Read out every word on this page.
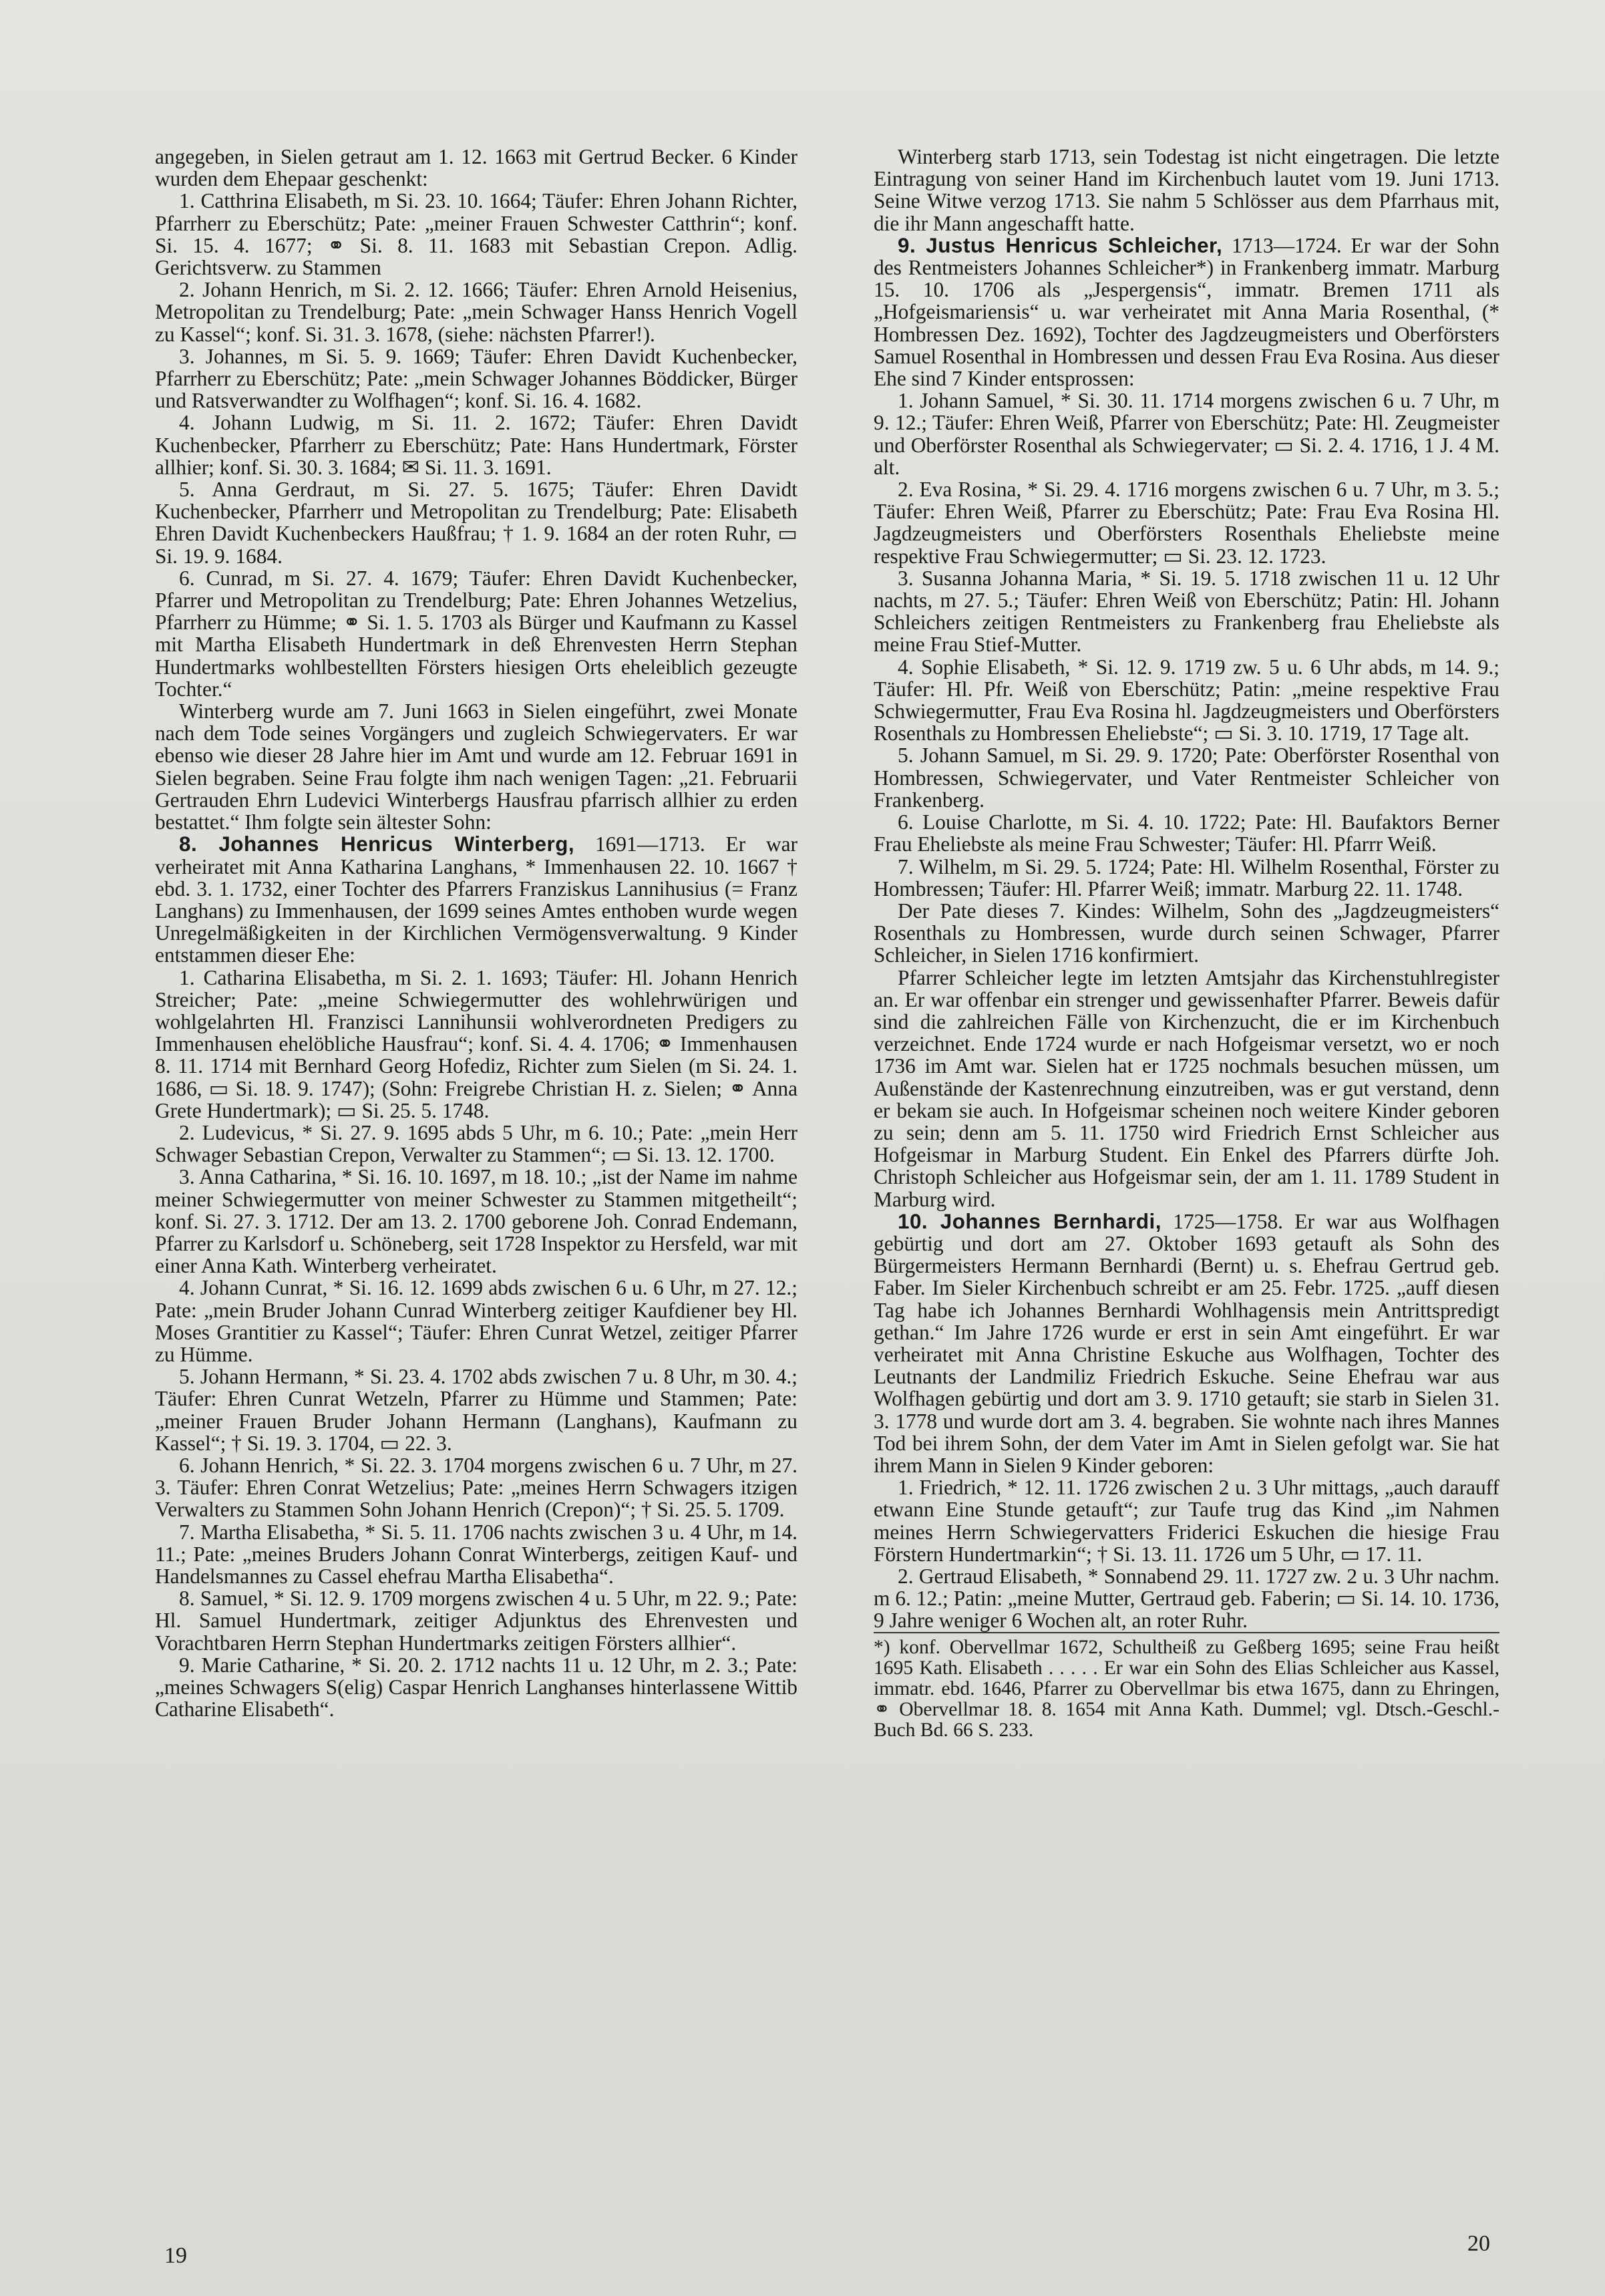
angegeben, in Sielen getraut am 1. 12. 1663 mit Gertrud Becker. 6 Kinder wurden dem Ehepaar geschenkt:

1. Catthrina Elisabeth, m Si. 23. 10. 1664; Täufer: Ehren Johann Richter, Pfarrherr zu Eberschütz; Pate: „meiner Frauen Schwester Catthrin“; konf. Si. 15. 4. 1677; ⚭ Si. 8. 11. 1683 mit Sebastian Crepon. Adlig. Gerichtsverw. zu Stammen

2. Johann Henrich, m Si. 2. 12. 1666; Täufer: Ehren Arnold Heisenius, Metropolitan zu Trendelburg; Pate: „mein Schwager Hanss Henrich Vogell zu Kassel“; konf. Si. 31. 3. 1678, (siehe: nächsten Pfarrer!).

3. Johannes, m Si. 5. 9. 1669; Täufer: Ehren Davidt Kuchenbecker, Pfarrherr zu Eberschütz; Pate: „mein Schwager Johannes Böddicker, Bürger und Ratsverwandter zu Wolfhagen“; konf. Si. 16. 4. 1682.

4. Johann Ludwig, m Si. 11. 2. 1672; Täufer: Ehren Davidt Kuchenbecker, Pfarrherr zu Eberschütz; Pate: Hans Hundertmark, Förster allhier; konf. Si. 30. 3. 1684; ✉ Si. 11. 3. 1691.

5. Anna Gerdraut, m Si. 27. 5. 1675; Täufer: Ehren Davidt Kuchenbecker, Pfarrherr und Metropolitan zu Trendelburg; Pate: Elisabeth Ehren Davidt Kuchenbeckers Haußfrau; † 1. 9. 1684 an der roten Ruhr, ▭ Si. 19. 9. 1684.

6. Cunrad, m Si. 27. 4. 1679; Täufer: Ehren Davidt Kuchenbecker, Pfarrer und Metropolitan zu Trendelburg; Pate: Ehren Johannes Wetzelius, Pfarrherr zu Hümme; ⚭ Si. 1. 5. 1703 als Bürger und Kaufmann zu Kassel mit Martha Elisabeth Hundertmark in deß Ehrenvesten Herrn Stephan Hundertmarks wohlbestellten Försters hiesigen Orts eheleiblich gezeugte Tochter.“

Winterberg wurde am 7. Juni 1663 in Sielen eingeführt, zwei Monate nach dem Tode seines Vorgängers und zugleich Schwiegervaters. Er war ebenso wie dieser 28 Jahre hier im Amt und wurde am 12. Februar 1691 in Sielen begraben. Seine Frau folgte ihm nach wenigen Tagen: „21. Februarii Gertrauden Ehrn Ludevici Winterbergs Hausfrau pfarrisch allhier zu erden bestattet.“ Ihm folgte sein ältester Sohn:

8. Johannes Henricus Winterberg, 1691—1713. Er war verheiratet mit Anna Katharina Langhans, * Immenhausen 22. 10. 1667 † ebd. 3. 1. 1732, einer Tochter des Pfarrers Franziskus Lannihusius (= Franz Langhans) zu Immenhausen, der 1699 seines Amtes enthoben wurde wegen Unregelmäßigkeiten in der Kirchlichen Vermögensverwaltung. 9 Kinder entstammen dieser Ehe:

1. Catharina Elisabetha, m Si. 2. 1. 1693; Täufer: Hl. Johann Henrich Streicher; Pate: „meine Schwiegermutter des wohlehrwürigen und wohlgelahrten Hl. Franzisci Lannihunsii wohlverordneten Predigers zu Immenhausen ehelöbliche Hausfrau“; konf. Si. 4. 4. 1706; ⚭ Immenhausen 8. 11. 1714 mit Bernhard Georg Hofediz, Richter zum Sielen (m Si. 24. 1. 1686, ▭ Si. 18. 9. 1747); (Sohn: Freigrebe Christian H. z. Sielen; ⚭ Anna Grete Hundertmark); ▭ Si. 25. 5. 1748.

2. Ludevicus, * Si. 27. 9. 1695 abds 5 Uhr, m 6. 10.; Pate: „mein Herr Schwager Sebastian Crepon, Verwalter zu Stammen“; ▭ Si. 13. 12. 1700.

3. Anna Catharina, * Si. 16. 10. 1697, m 18. 10.; „ist der Name im nahme meiner Schwiegermutter von meiner Schwester zu Stammen mitgetheilt“; konf. Si. 27. 3. 1712. Der am 13. 2. 1700 geborene Joh. Conrad Endemann, Pfarrer zu Karlsdorf u. Schöneberg, seit 1728 Inspektor zu Hersfeld, war mit einer Anna Kath. Winterberg verheiratet.

4. Johann Cunrat, * Si. 16. 12. 1699 abds zwischen 6 u. 6 Uhr, m 27. 12.; Pate: „mein Bruder Johann Cunrad Winterberg zeitiger Kaufdiener bey Hl. Moses Grantitier zu Kassel“; Täufer: Ehren Cunrat Wetzel, zeitiger Pfarrer zu Hümme.

5. Johann Hermann, * Si. 23. 4. 1702 abds zwischen 7 u. 8 Uhr, m 30. 4.; Täufer: Ehren Cunrat Wetzeln, Pfarrer zu Hümme und Stammen; Pate: „meiner Frauen Bruder Johann Hermann (Langhans), Kaufmann zu Kassel“; † Si. 19. 3. 1704, ▭ 22. 3.

6. Johann Henrich, * Si. 22. 3. 1704 morgens zwischen 6 u. 7 Uhr, m 27. 3. Täufer: Ehren Conrat Wetzelius; Pate: „meines Herrn Schwagers itzigen Verwalters zu Stammen Sohn Johann Henrich (Crepon)“; † Si. 25. 5. 1709.

7. Martha Elisabetha, * Si. 5. 11. 1706 nachts zwischen 3 u. 4 Uhr, m 14. 11.; Pate: „meines Bruders Johann Conrat Winterbergs, zeitigen Kauf- und Handelsmannes zu Cassel ehefrau Martha Elisabetha“.

8. Samuel, * Si. 12. 9. 1709 morgens zwischen 4 u. 5 Uhr, m 22. 9.; Pate: Hl. Samuel Hundertmark, zeitiger Adjunktus des Ehrenvesten und Vorachtbaren Herrn Stephan Hundertmarks zeitigen Försters allhier“.

9. Marie Catharine, * Si. 20. 2. 1712 nachts 11 u. 12 Uhr, m 2. 3.; Pate: „meines Schwagers S(elig) Caspar Henrich Langhanses hinterlassene Wittib Catharine Elisabeth“.

Winterberg starb 1713, sein Todestag ist nicht eingetragen. Die letzte Eintragung von seiner Hand im Kirchenbuch lautet vom 19. Juni 1713. Seine Witwe verzog 1713. Sie nahm 5 Schlösser aus dem Pfarrhaus mit, die ihr Mann angeschafft hatte.

9. Justus Henricus Schleicher, 1713—1724. Er war der Sohn des Rentmeisters Johannes Schleicher*) in Frankenberg immatr. Marburg 15. 10. 1706 als „Jespergensis“, immatr. Bremen 1711 als „Hofgeismariensis“ u. war verheiratet mit Anna Maria Rosenthal, (* Hombressen Dez. 1692), Tochter des Jagdzeugmeisters und Oberförsters Samuel Rosenthal in Hombressen und dessen Frau Eva Rosina. Aus dieser Ehe sind 7 Kinder entsprossen:

1. Johann Samuel, * Si. 30. 11. 1714 morgens zwischen 6 u. 7 Uhr, m 9. 12.; Täufer: Ehren Weiß, Pfarrer von Eberschütz; Pate: Hl. Zeugmeister und Oberförster Rosenthal als Schwiegervater; ▭ Si. 2. 4. 1716, 1 J. 4 M. alt.

2. Eva Rosina, * Si. 29. 4. 1716 morgens zwischen 6 u. 7 Uhr, m 3. 5.; Täufer: Ehren Weiß, Pfarrer zu Eberschütz; Pate: Frau Eva Rosina Hl. Jagdzeugmeisters und Oberförsters Rosenthals Eheliebste meine respektive Frau Schwiegermutter; ▭ Si. 23. 12. 1723.

3. Susanna Johanna Maria, * Si. 19. 5. 1718 zwischen 11 u. 12 Uhr nachts, m 27. 5.; Täufer: Ehren Weiß von Eberschütz; Patin: Hl. Johann Schleichers zeitigen Rentmeisters zu Frankenberg frau Eheliebste als meine Frau Stief-Mutter.

4. Sophie Elisabeth, * Si. 12. 9. 1719 zw. 5 u. 6 Uhr abds, m 14. 9.; Täufer: Hl. Pfr. Weiß von Eberschütz; Patin: „meine respektive Frau Schwiegermutter, Frau Eva Rosina hl. Jagdzeugmeisters und Oberförsters Rosenthals zu Hombressen Eheliebste“; ▭ Si. 3. 10. 1719, 17 Tage alt.

5. Johann Samuel, m Si. 29. 9. 1720; Pate: Oberförster Rosenthal von Hombressen, Schwiegervater, und Vater Rentmeister Schleicher von Frankenberg.

6. Louise Charlotte, m Si. 4. 10. 1722; Pate: Hl. Baufaktors Berner Frau Eheliebste als meine Frau Schwester; Täufer: Hl. Pfarrr Weiß.

7. Wilhelm, m Si. 29. 5. 1724; Pate: Hl. Wilhelm Rosenthal, Förster zu Hombressen; Täufer: Hl. Pfarrer Weiß; immatr. Marburg 22. 11. 1748.

Der Pate dieses 7. Kindes: Wilhelm, Sohn des „Jagdzeugmeisters“ Rosenthals zu Hombressen, wurde durch seinen Schwager, Pfarrer Schleicher, in Sielen 1716 konfirmiert.

Pfarrer Schleicher legte im letzten Amtsjahr das Kirchenstuhlregister an. Er war offenbar ein strenger und gewissenhafter Pfarrer. Beweis dafür sind die zahlreichen Fälle von Kirchenzucht, die er im Kirchenbuch verzeichnet. Ende 1724 wurde er nach Hofgeismar versetzt, wo er noch 1736 im Amt war. Sielen hat er 1725 nochmals besuchen müssen, um Außenstände der Kastenrechnung einzutreiben, was er gut verstand, denn er bekam sie auch. In Hofgeismar scheinen noch weitere Kinder geboren zu sein; denn am 5. 11. 1750 wird Friedrich Ernst Schleicher aus Hofgeismar in Marburg Student. Ein Enkel des Pfarrers dürfte Joh. Christoph Schleicher aus Hofgeismar sein, der am 1. 11. 1789 Student in Marburg wird.

10. Johannes Bernhardi, 1725—1758. Er war aus Wolfhagen gebürtig und dort am 27. Oktober 1693 getauft als Sohn des Bürgermeisters Hermann Bernhardi (Bernt) u. s. Ehefrau Gertrud geb. Faber. Im Sieler Kirchenbuch schreibt er am 25. Febr. 1725. „auff diesen Tag habe ich Johannes Bernhardi Wohlhagensis mein Antrittspredigt gethan.“ Im Jahre 1726 wurde er erst in sein Amt eingeführt. Er war verheiratet mit Anna Christine Eskuche aus Wolfhagen, Tochter des Leutnants der Landmiliz Friedrich Eskuche. Seine Ehefrau war aus Wolfhagen gebürtig und dort am 3. 9. 1710 getauft; sie starb in Sielen 31. 3. 1778 und wurde dort am 3. 4. begraben. Sie wohnte nach ihres Mannes Tod bei ihrem Sohn, der dem Vater im Amt in Sielen gefolgt war. Sie hat ihrem Mann in Sielen 9 Kinder geboren:

1. Friedrich, * 12. 11. 1726 zwischen 2 u. 3 Uhr mittags, „auch darauff etwann Eine Stunde getauft“; zur Taufe trug das Kind „im Nahmen meines Herrn Schwiegervatters Friderici Eskuchen die hiesige Frau Förstern Hundertmarkin“; † Si. 13. 11. 1726 um 5 Uhr, ▭ 17. 11.

2. Gertraud Elisabeth, * Sonnabend 29. 11. 1727 zw. 2 u. 3 Uhr nachm. m 6. 12.; Patin: „meine Mutter, Gertraud geb. Faberin; ▭ Si. 14. 10. 1736, 9 Jahre weniger 6 Wochen alt, an roter Ruhr.

*) konf. Obervellmar 1672, Schultheiß zu Geßberg 1695; seine Frau heißt 1695 Kath. Elisabeth . . . . . Er war ein Sohn des Elias Schleicher aus Kassel, immatr. ebd. 1646, Pfarrer zu Obervellmar bis etwa 1675, dann zu Ehringen, ⚭ Obervellmar 18. 8. 1654 mit Anna Kath. Dummel; vgl. Dtsch.-Geschl.-Buch Bd. 66 S. 233.

19	20
